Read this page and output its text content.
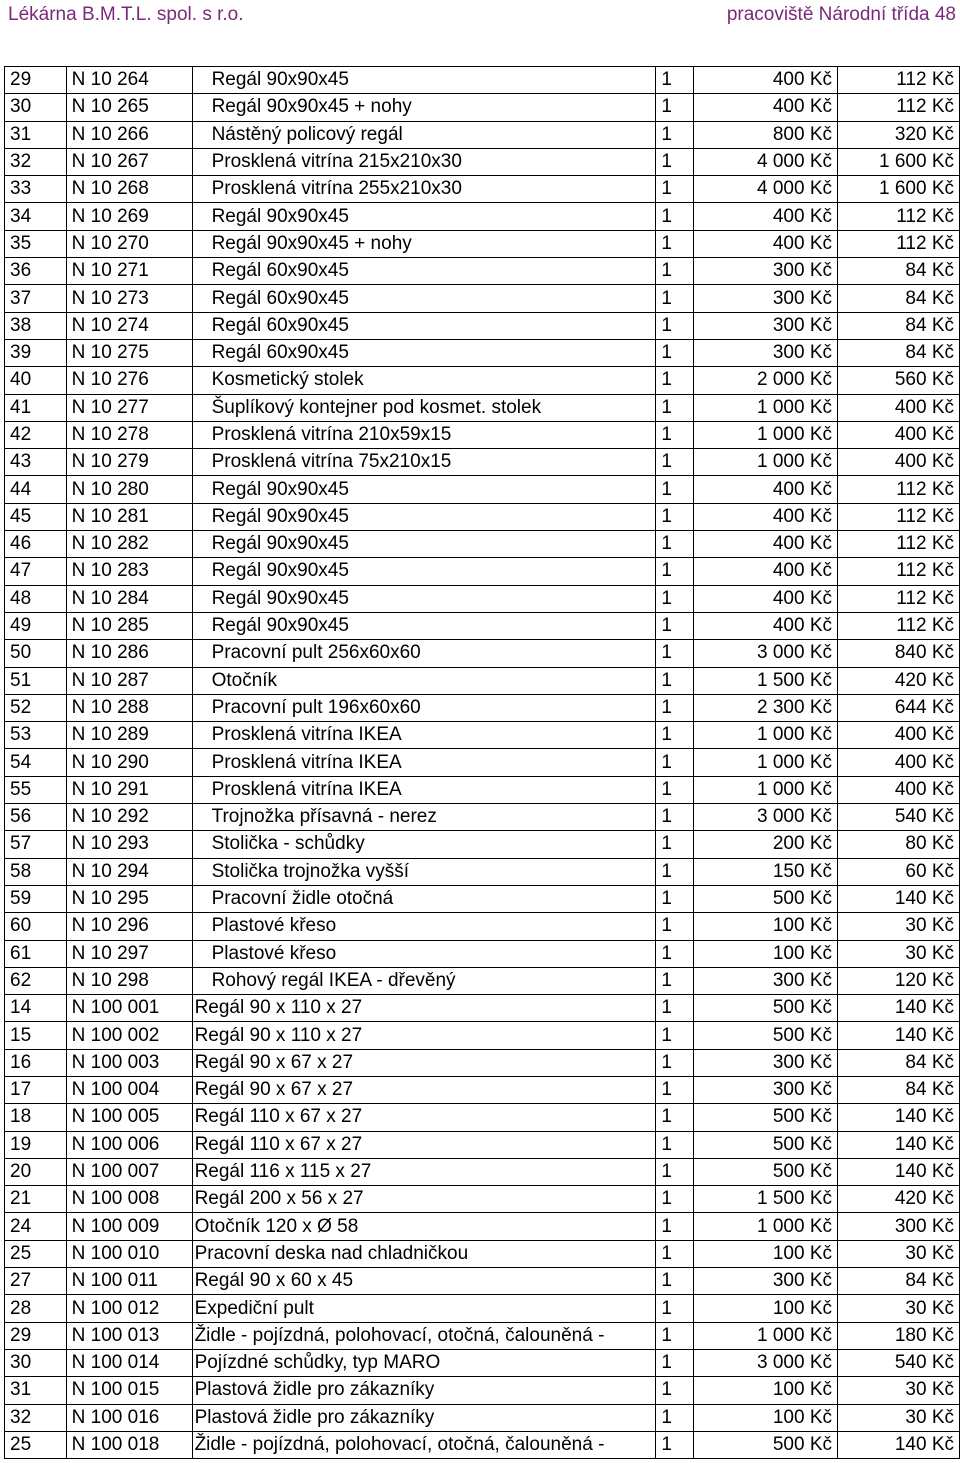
Lékárna B.M.T.L. spol. s r.o.	pracoviště Národní třída 48
29	N 10 264	Regál 90x90x45	1	400 Kč	112 Kč
30	N 10 265	Regál 90x90x45 + nohy	1	400 Kč	112 Kč
31	N 10 266	Nástěný policový regál	1	800 Kč	320 Kč
32	N 10 267	Prosklená vitrína 215x210x30	1	4 000 Kč	1 600 Kč
33	N 10 268	Prosklená vitrína 255x210x30	1	4 000 Kč	1 600 Kč
34	N 10 269	Regál 90x90x45	1	400 Kč	112 Kč
35	N 10 270	Regál 90x90x45 + nohy	1	400 Kč	112 Kč
36	N 10 271	Regál 60x90x45	1	300 Kč	84 Kč
37	N 10 273	Regál 60x90x45	1	300 Kč	84 Kč
38	N 10 274	Regál 60x90x45	1	300 Kč	84 Kč
39	N 10 275	Regál 60x90x45	1	300 Kč	84 Kč
40	N 10 276	Kosmetický stolek	1	2 000 Kč	560 Kč
41	N 10 277	Šuplíkový kontejner pod kosmet. stolek	1	1 000 Kč	400 Kč
42	N 10 278	Prosklená vitrína 210x59x15	1	1 000 Kč	400 Kč
43	N 10 279	Prosklená vitrína 75x210x15	1	1 000 Kč	400 Kč
44	N 10 280	Regál 90x90x45	1	400 Kč	112 Kč
45	N 10 281	Regál 90x90x45	1	400 Kč	112 Kč
46	N 10 282	Regál 90x90x45	1	400 Kč	112 Kč
47	N 10 283	Regál 90x90x45	1	400 Kč	112 Kč
48	N 10 284	Regál 90x90x45	1	400 Kč	112 Kč
49	N 10 285	Regál 90x90x45	1	400 Kč	112 Kč
50	N 10 286	Pracovní pult 256x60x60	1	3 000 Kč	840 Kč
51	N 10 287	Otočník	1	1 500 Kč	420 Kč
52	N 10 288	Pracovní pult 196x60x60	1	2 300 Kč	644 Kč
53	N 10 289	Prosklená vitrína IKEA	1	1 000 Kč	400 Kč
54	N 10 290	Prosklená vitrína IKEA	1	1 000 Kč	400 Kč
55	N 10 291	Prosklená vitrína IKEA	1	1 000 Kč	400 Kč
56	N 10 292	Trojnožka přísavná - nerez	1	3 000 Kč	540 Kč
57	N 10 293	Stolička - schůdky	1	200 Kč	80 Kč
58	N 10 294	Stolička trojnožka vyšší	1	150 Kč	60 Kč
59	N 10 295	Pracovní židle otočná	1	500 Kč	140 Kč
60	N 10 296	Plastové křeso	1	100 Kč	30 Kč
61	N 10 297	Plastové křeso	1	100 Kč	30 Kč
62	N 10 298	Rohový regál IKEA - dřevěný	1	300 Kč	120 Kč
14	N 100 001	Regál 90 x 110 x 27	1	500 Kč	140 Kč
15	N 100 002	Regál 90 x 110 x 27	1	500 Kč	140 Kč
16	N 100 003	Regál 90 x 67 x 27	1	300 Kč	84 Kč
17	N 100 004	Regál 90 x 67 x 27	1	300 Kč	84 Kč
18	N 100 005	Regál 110 x 67 x 27	1	500 Kč	140 Kč
19	N 100 006	Regál 110 x 67 x 27	1	500 Kč	140 Kč
20	N 100 007	Regál 116 x 115 x 27	1	500 Kč	140 Kč
21	N 100 008	Regál 200 x 56 x 27	1	1 500 Kč	420 Kč
24	N 100 009	Otočník 120 x Ø 58	1	1 000 Kč	300 Kč
25	N 100 010	Pracovní deska nad chladničkou	1	100 Kč	30 Kč
27	N 100 011	Regál 90 x 60 x 45	1	300 Kč	84 Kč
28	N 100 012	Expediční pult	1	100 Kč	30 Kč
29	N 100 013	Židle - pojízdná, polohovací, otočná, čalouněná -	1	1 000 Kč	180 Kč
30	N 100 014	Pojízdné schůdky, typ MARO	1	3 000 Kč	540 Kč
31	N 100 015	Plastová židle pro zákazníky	1	100 Kč	30 Kč
32	N 100 016	Plastová židle pro zákazníky	1	100 Kč	30 Kč
25	N 100 018	Židle - pojízdná, polohovací, otočná, čalouněná -	1	500 Kč	140 Kč
